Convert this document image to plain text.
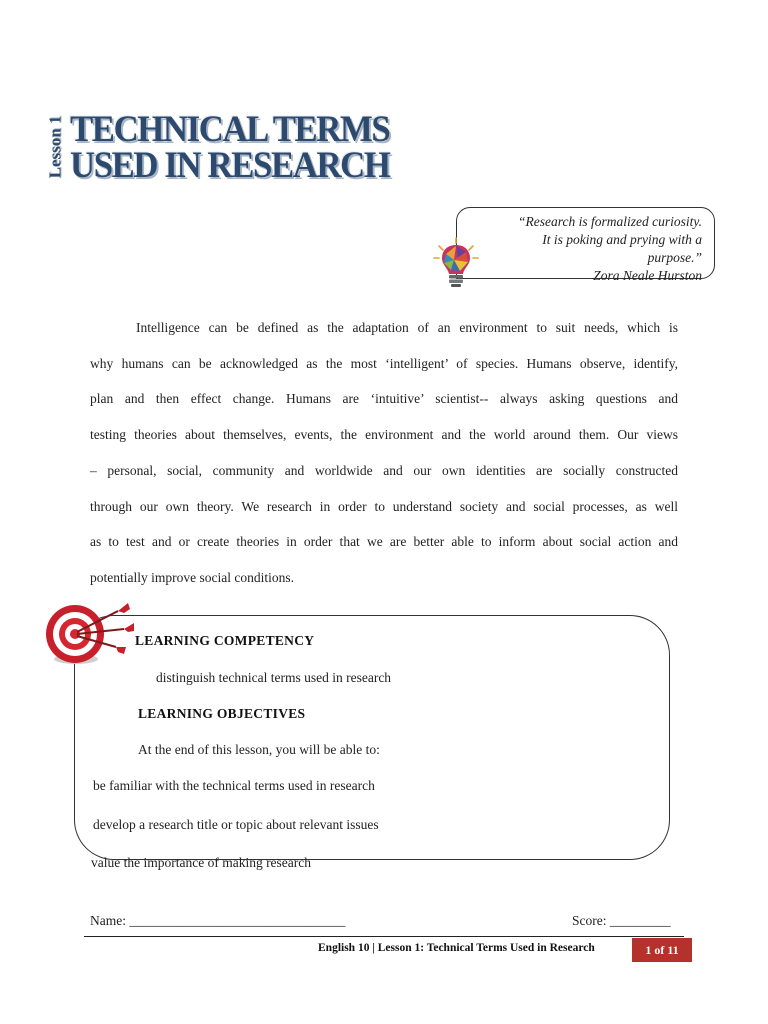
Lesson 1 TECHNICAL TERMS
USED IN RESEARCH
“Research is formalized curiosity.
It is poking and prying with a
purpose.”
Zora Neale Hurston
Intelligence can be defined as the adaptation of an environment to suit needs, which is
why humans can be acknowledged as the most ‘intelligent’ of species. Humans observe, identify,
plan and then effect change. Humans are ‘intuitive’ scientist-- always asking questions and
testing theories about themselves, events, the environment and the world around them. Our views
– personal, social, community and worldwide and our own identities are socially constructed
through our own theory. We research in order to understand society and social processes, as well
as to test and or create theories in order that we are better able to inform about social action and
potentially improve social conditions.
LEARNING COMPETENCY
distinguish technical terms used in research
LEARNING OBJECTIVES
At the end of this lesson, you will be able to:
be familiar with the technical terms used in research
develop a research title or topic about relevant issues
value the importance of making research
Name: ________________________________	Score: _________
English 10 | Lesson 1: Technical Terms Used in Research	1 of 11
